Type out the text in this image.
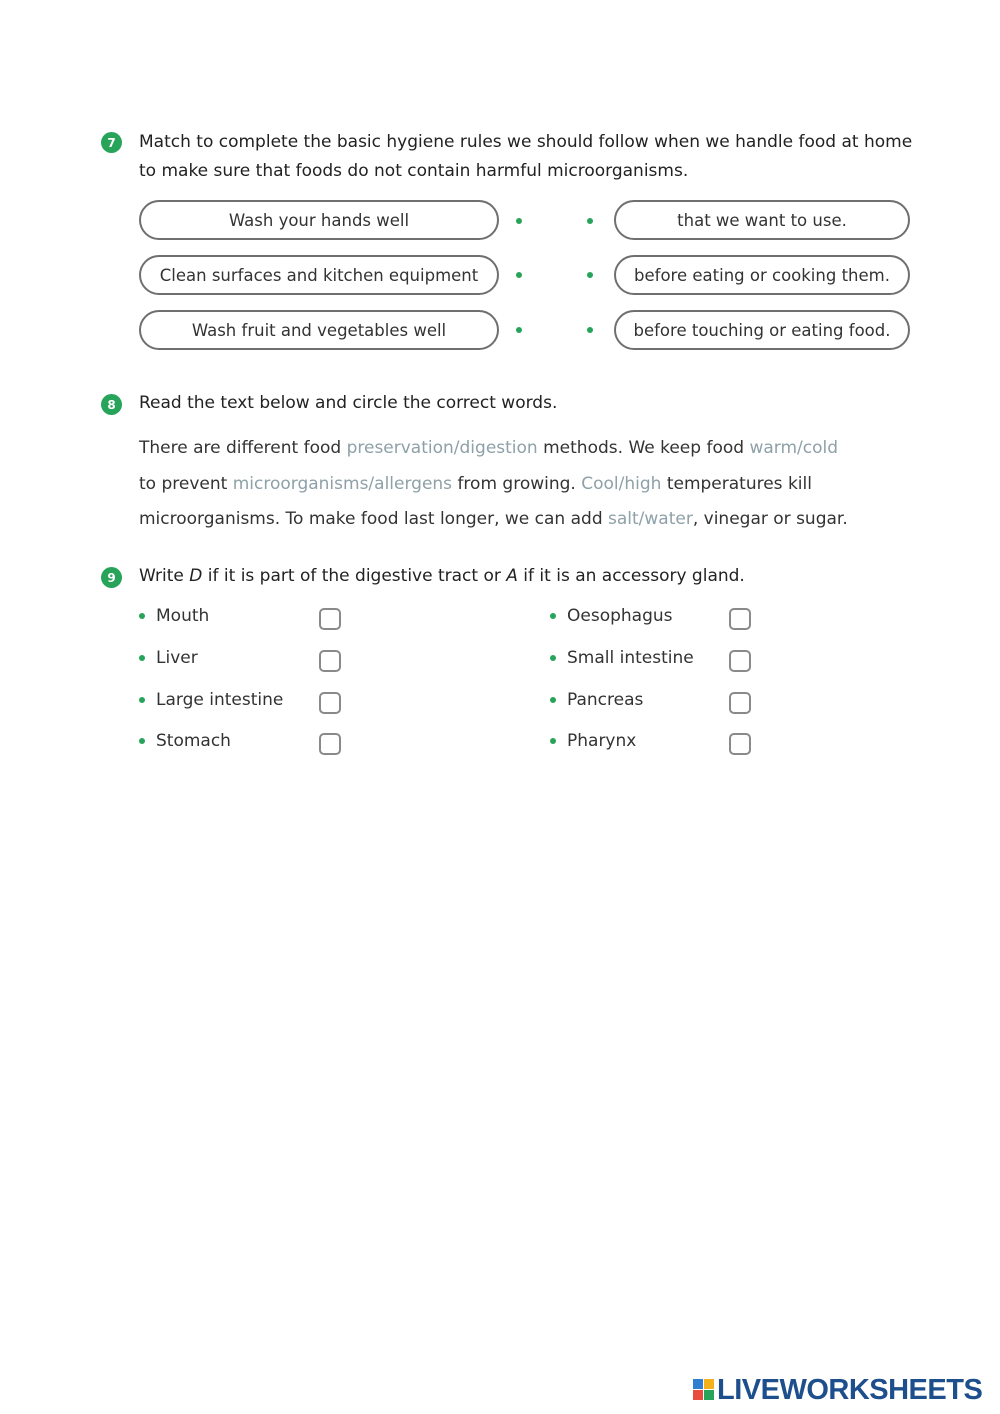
7	Match to complete the basic hygiene rules we should follow when we handle food at home
to make sure that foods do not contain harmful microorganisms.
Wash your hands well
Clean surfaces and kitchen equipment
Wash fruit and vegetables well
that we want to use.
before eating or cooking them.
before touching or eating food.
8	Read the text below and circle the correct words.
There are different food preservation/digestion methods. We keep food warm/cold
to prevent microorganisms/allergens from growing. Cool/high temperatures kill
microorganisms. To make food last longer, we can add salt/water, vinegar or sugar.
9	Write D if it is part of the digestive tract or A if it is an accessory gland.
Mouth
Liver
Large intestine
Stomach
Oesophagus
Small intestine
Pancreas
Pharynx
LIVEWORKSHEETS
